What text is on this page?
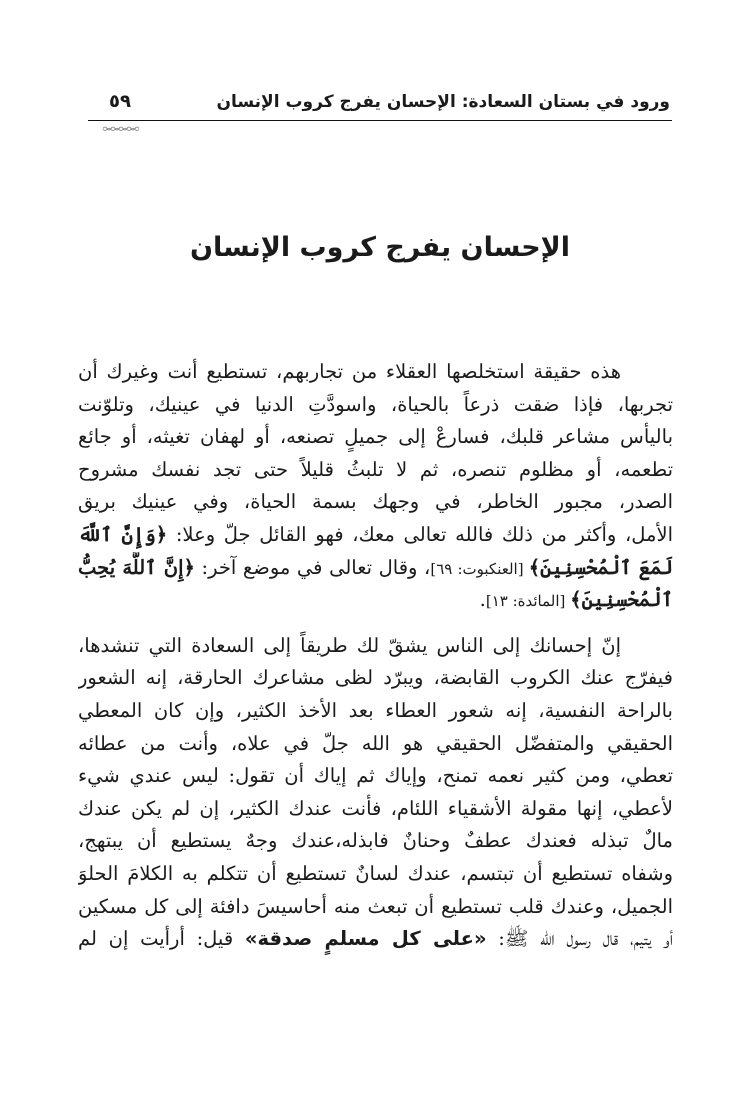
ورود في بستان السعادة: الإحسان يفرج كروب الإنسان
٥٩
الإحسان يفرج كروب الإنسان
هذه حقيقة استخلصها العقلاء من تجاربهم، تستطيع أنت وغيرك أن
تجربها، فإذا ضقت ذرعاً بالحياة، واسودَّتِ الدنيا في عينيك، وتلوّنت
باليأس مشاعر قلبك، فسارعْ إلى جميلٍ تصنعه، أو لهفان تغيثه، أو جائع
تطعمه، أو مظلوم تنصره، ثم لا تلبثُ قليلاً حتى تجد نفسك مشروح
الصدر، مجبور الخاطر، في وجهك بسمة الحياة، وفي عينيك بريق
الأمل، وأكثر من ذلك فالله تعالى معك، فهو القائل جلّ وعلا: ﴿وَإِنَّ ٱللَّهَ
لَمَعَ ٱلْمُحْسِنِينَ﴾ [العنكبوت: ٦٩]، وقال تعالى في موضع آخر: ﴿إِنَّ ٱللَّهَ يُحِبُّ
ٱلْمُحْسِنِينَ﴾ [المائدة: ١٣].
إنّ إحسانك إلى الناس يشقّ لك طريقاً إلى السعادة التي تنشدها،
فيفرّج عنك الكروب القابضة، ويبرّد لظى مشاعرك الحارقة، إنه الشعور
بالراحة النفسية، إنه شعور العطاء بعد الأخذ الكثير، وإن كان المعطي
الحقيقي والمتفضّل الحقيقي هو الله جلّ في علاه، وأنت من عطائه
تعطي، ومن كثير نعمه تمنح، وإياك ثم إياك أن تقول: ليس عندي شيء
لأعطي، إنها مقولة الأشقياء اللئام، فأنت عندك الكثير، إن لم يكن عندك
مالٌ تبذله فعندك عطفٌ وحنانٌ فابذله،عندك وجهٌ يستطيع أن يبتهج،
وشفاه تستطيع أن تبتسم، عندك لسانٌ تستطيع أن تتكلم به الكلامَ الحلوَ
الجميل، وعندك قلب تستطيع أن تبعث منه أحاسيسَ دافئة إلى كل مسكين
أو يتيم، قال رسول الله ﷺ: «على كل مسلمٍ صدقة» قيل: أرأيت إن لم
